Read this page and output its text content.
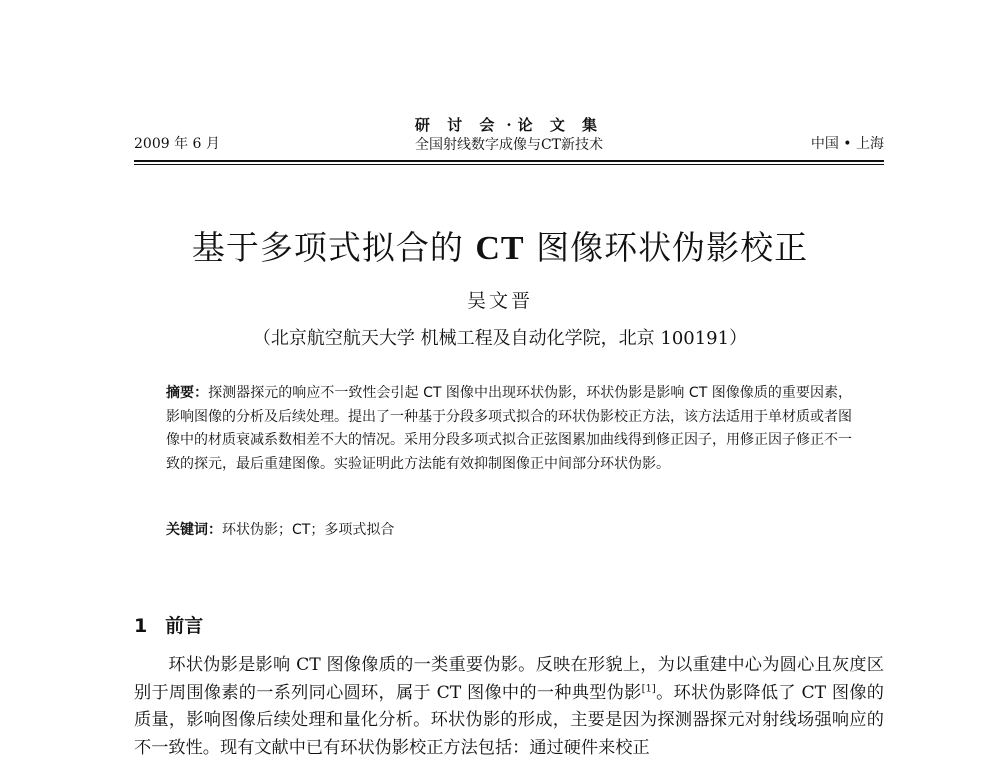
研 讨 会 · 论 文 集
全国射线数字成像与CT新技术
2009 年 6 月	中国 • 上海
基于多项式拟合的 CT 图像环状伪影校正
吴文晋
（北京航空航天大学 机械工程及自动化学院，北京 100191）
摘要：探测器探元的响应不一致性会引起 CT 图像中出现环状伪影，环状伪影是影响 CT 图像像质的重要因素，影响图像的分析及后续处理。提出了一种基于分段多项式拟合的环状伪影校正方法，该方法适用于单材质或者图像中的材质衰减系数相差不大的情况。采用分段多项式拟合正弦图累加曲线得到修正因子，用修正因子修正不一致的探元，最后重建图像。实验证明此方法能有效抑制图像正中间部分环状伪影。
关键词：环状伪影；CT；多项式拟合
1 前言

环状伪影是影响 CT 图像像质的一类重要伪影。反映在形貌上，为以重建中心为圆心且灰度区别于周围像素的一系列同心圆环，属于 CT 图像中的一种典型伪影[1]。环状伪影降低了 CT 图像的质量，影响图像后续处理和量化分析。环状伪影的形成，主要是因为探测器探元对射线场强响应的不一致性。现有文献中已有环状伪影校正方法包括：通过硬件来校正
